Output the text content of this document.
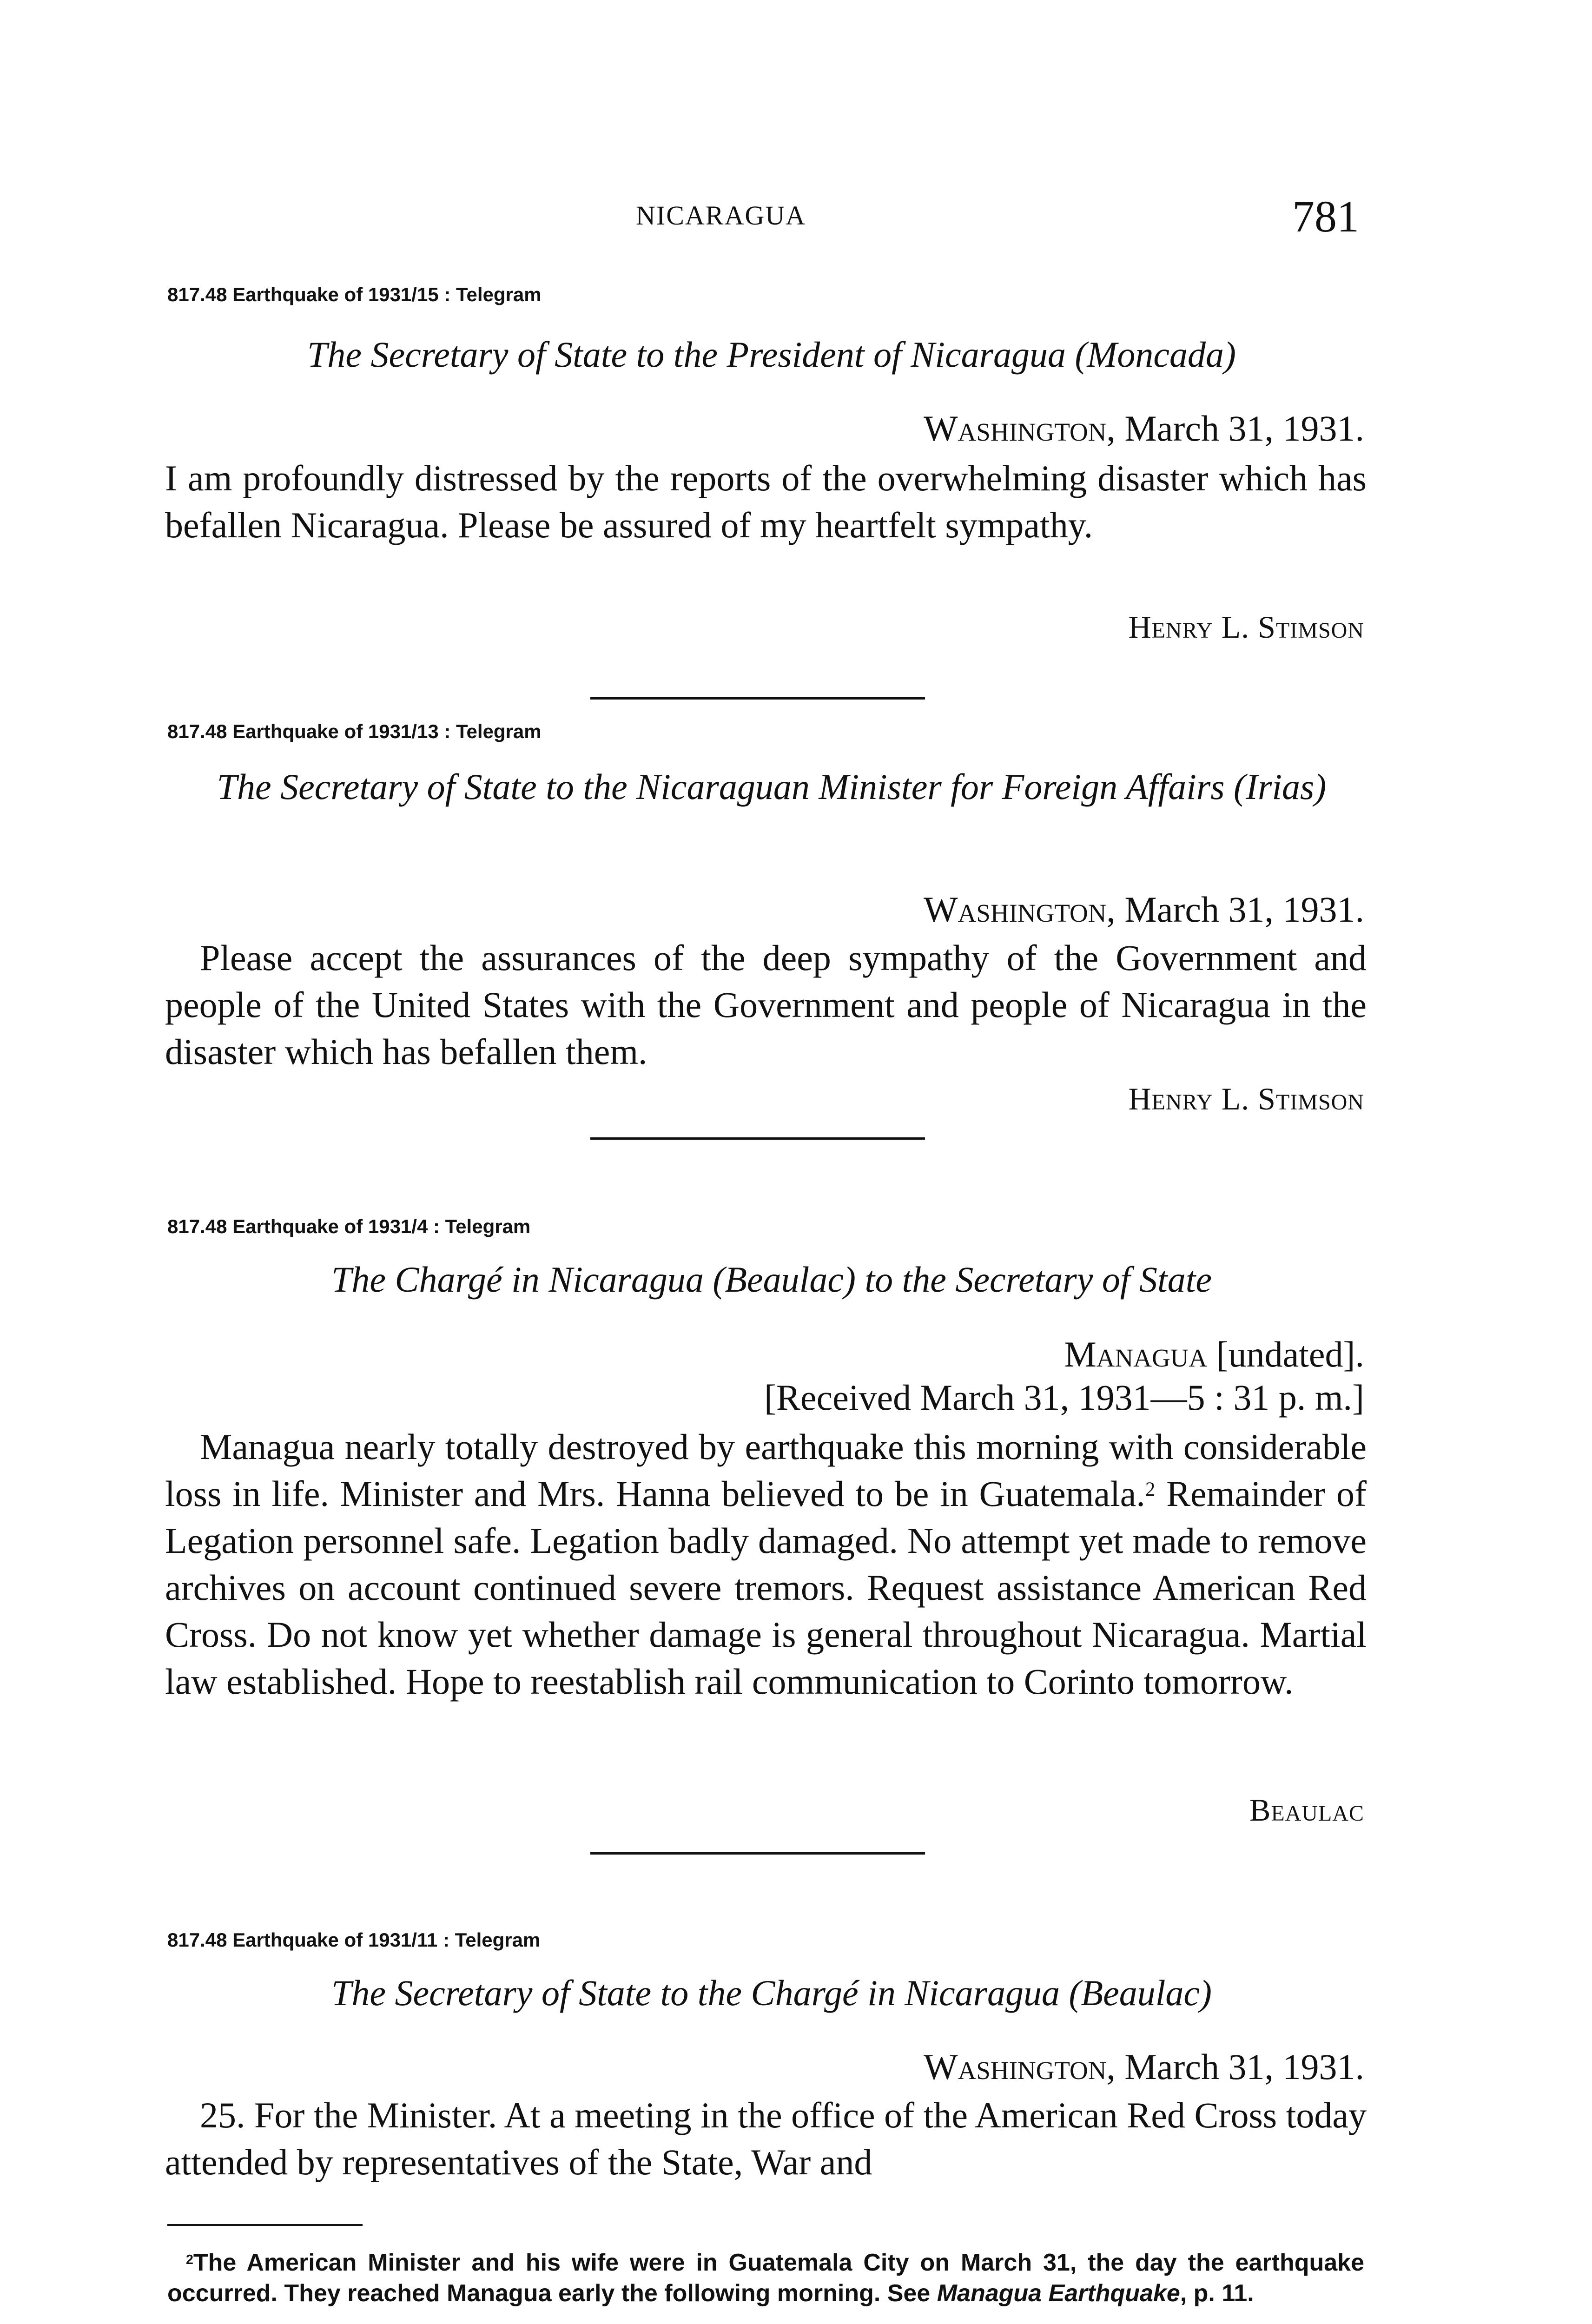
NICARAGUA	781
817.48 Earthquake of 1931/15 : Telegram
The Secretary of State to the President of Nicaragua (Moncada)
Washington, March 31, 1931.
I am profoundly distressed by the reports of the overwhelming disaster which has befallen Nicaragua. Please be assured of my heartfelt sympathy.
Henry L. Stimson
817.48 Earthquake of 1931/13 : Telegram
The Secretary of State to the Nicaraguan Minister for Foreign Affairs (Irias)
Washington, March 31, 1931.
Please accept the assurances of the deep sympathy of the Government and people of the United States with the Government and people of Nicaragua in the disaster which has befallen them.
Henry L. Stimson
817.48 Earthquake of 1931/4 : Telegram
The Chargé in Nicaragua (Beaulac) to the Secretary of State
Managua [undated].
[Received March 31, 1931—5 : 31 p. m.]
Managua nearly totally destroyed by earthquake this morning with considerable loss in life. Minister and Mrs. Hanna believed to be in Guatemala.$^2$ Remainder of Legation personnel safe. Legation badly damaged. No attempt yet made to remove archives on account continued severe tremors. Request assistance American Red Cross. Do not know yet whether damage is general throughout Nicaragua. Martial law established. Hope to reestablish rail communication to Corinto tomorrow.
Beaulac
817.48 Earthquake of 1931/11 : Telegram
The Secretary of State to the Chargé in Nicaragua (Beaulac)
Washington, March 31, 1931.
25. For the Minister. At a meeting in the office of the American Red Cross today attended by representatives of the State, War and
$^2$The American Minister and his wife were in Guatemala City on March 31, the day the earthquake occurred. They reached Managua early the following morning. See Managua Earthquake, p. 11.
